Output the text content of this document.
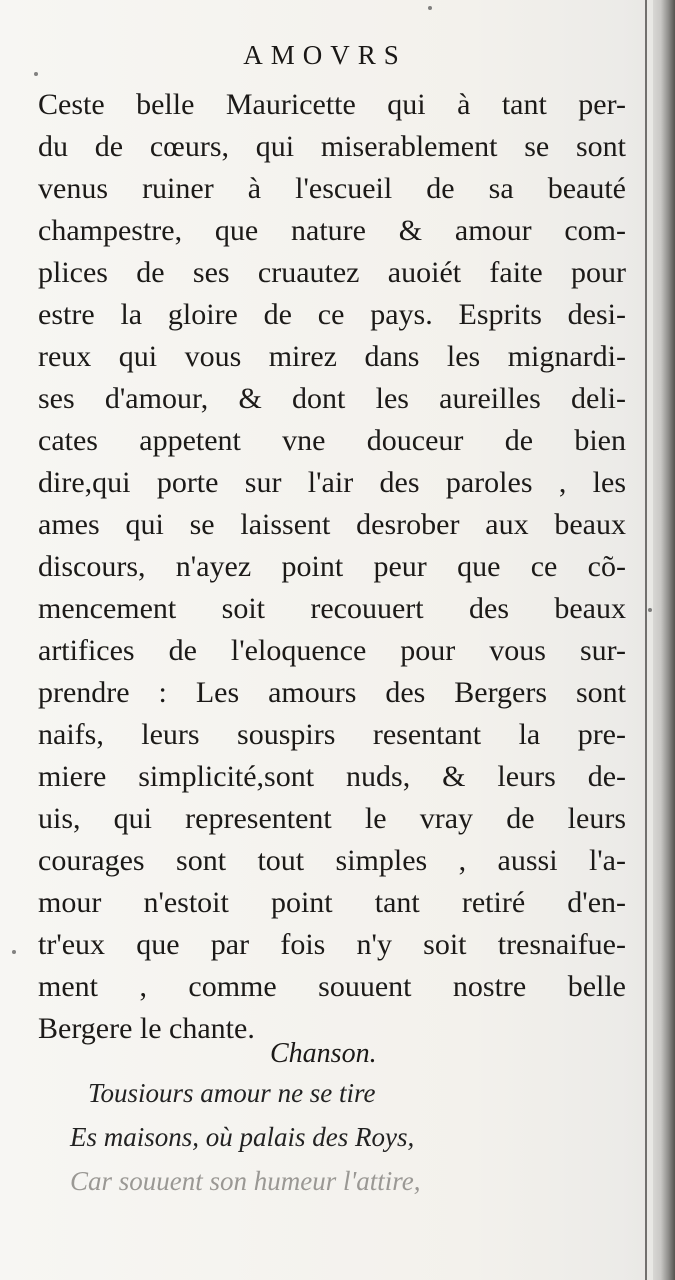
AMOVRS
Ceste belle Mauricette qui à tant per-
du de cœurs, qui miserablement se sont
venus ruiner à l'escueil de sa beauté
champestre, que nature & amour com-
plices de ses cruautez auoiét faite pour
estre la gloire de ce pays. Esprits desi-
reux qui vous mirez dans les mignardi-
ses d'amour, & dont les aureilles deli-
cates appetent vne douceur de bien
dire,qui porte sur l'air des paroles , les
ames qui se laissent desrober aux beaux
discours, n'ayez point peur que ce cõ-
mencement soit recouuert des beaux
artifices de l'eloquence pour vous sur-
prendre : Les amours des Bergers sont
naifs, leurs souspirs resentant la pre-
miere simplicité,sont nuds, & leurs de-
uis, qui representent le vray de leurs
courages sont tout simples , aussi l'a-
mour n'estoit point tant retiré d'en-
tr'eux que par fois n'y soit tresnaifue-
ment , comme souuent nostre belle
Bergere le chante.
Chanson.
Tousiours amour ne se tire
Es maisons, où palais des Roys,
Car souuent son humeur l'attire,
